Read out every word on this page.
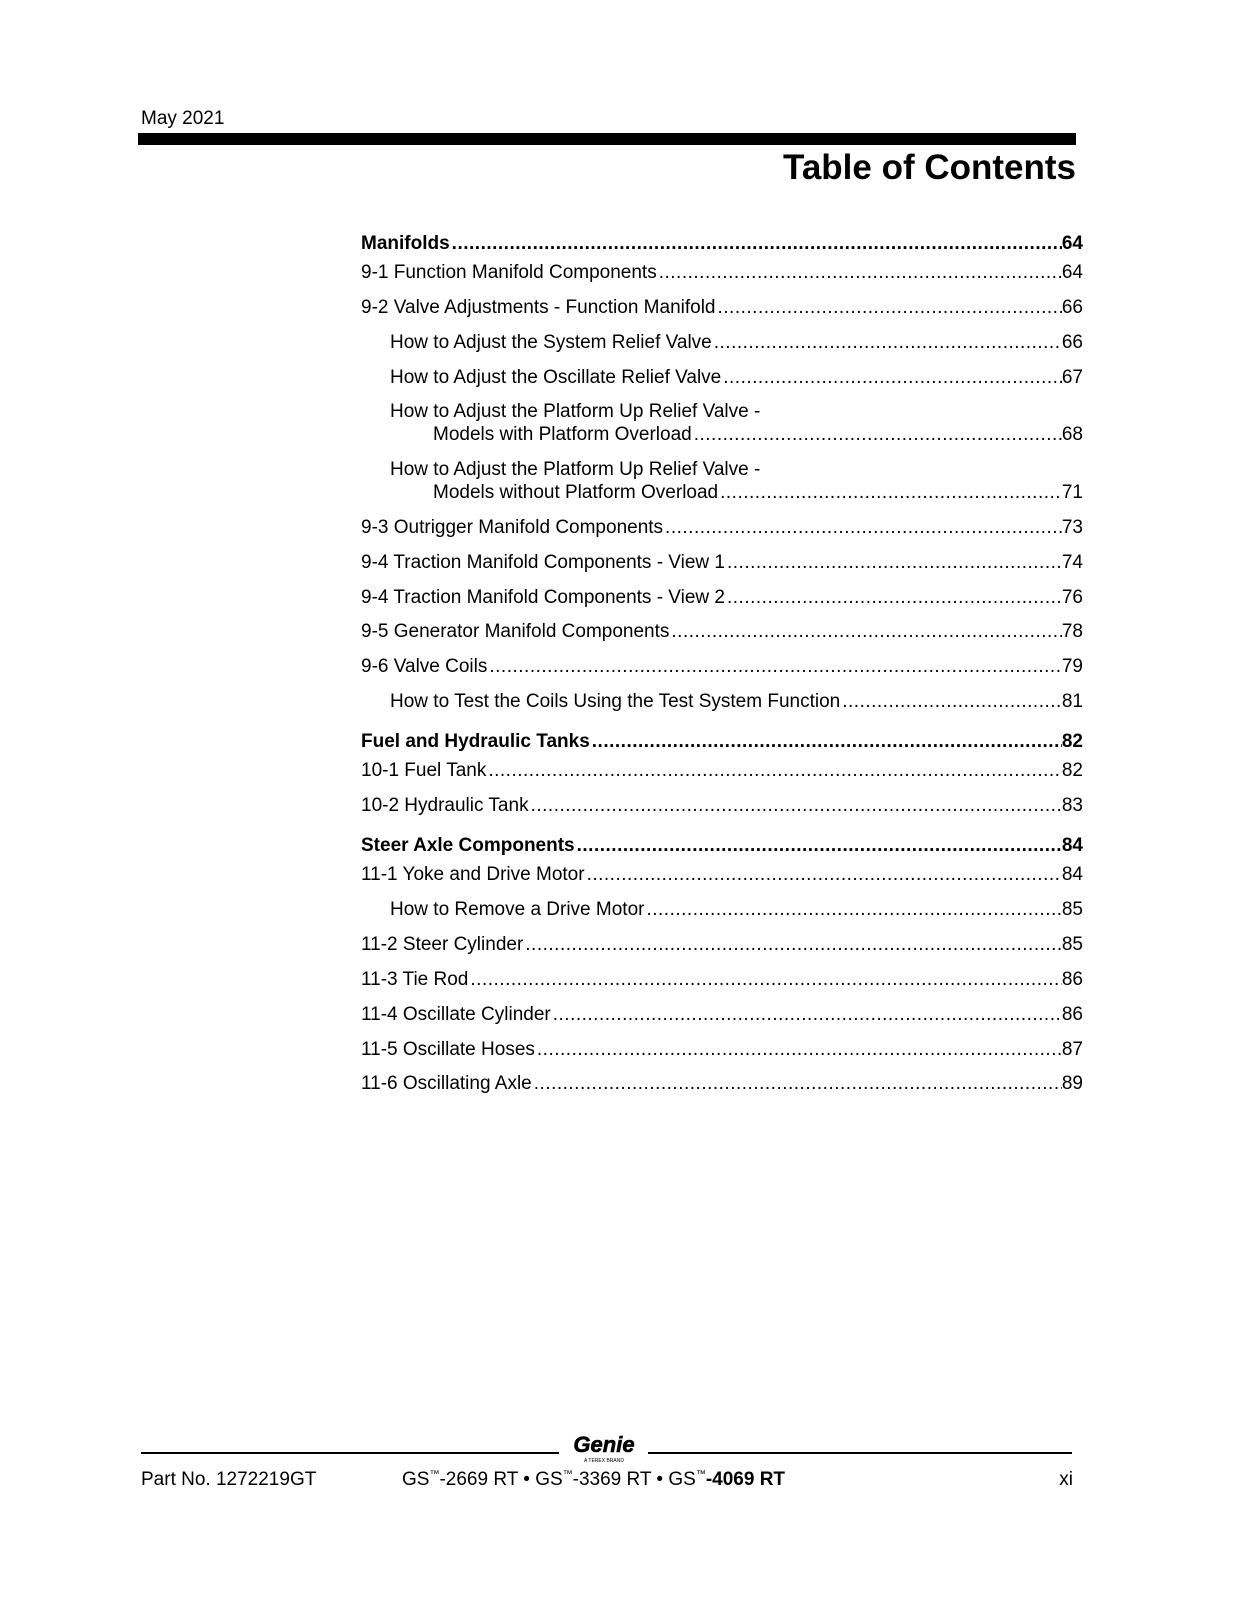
May 2021
Table of Contents
Manifolds .....	64
9-1 Function Manifold Components .....	64
9-2 Valve Adjustments - Function Manifold .....	66
How to Adjust the System Relief Valve .....	66
How to Adjust the Oscillate Relief Valve .....	67
How to Adjust the Platform Up Relief Valve -
Models with Platform Overload .....	68
How to Adjust the Platform Up Relief Valve -
Models without Platform Overload .....	71
9-3 Outrigger Manifold Components .....	73
9-4 Traction Manifold Components - View 1 .....	74
9-4 Traction Manifold Components - View 2 .....	76
9-5 Generator Manifold Components .....	78
9-6 Valve Coils .....	79
How to Test the Coils Using the Test System Function .....	81
Fuel and Hydraulic Tanks .....	82
10-1 Fuel Tank .....	82
10-2 Hydraulic Tank .....	83
Steer Axle Components .....	84
11-1 Yoke and Drive Motor .....	84
How to Remove a Drive Motor .....	85
11-2 Steer Cylinder .....	85
11-3 Tie Rod .....	86
11-4 Oscillate Cylinder .....	86
11-5 Oscillate Hoses .....	87
11-6 Oscillating Axle .....	89
Genie
A TEREX BRAND
Part No. 1272219GT	GS™-2669 RT • GS™-3369 RT • GS™-4069 RT	xi
